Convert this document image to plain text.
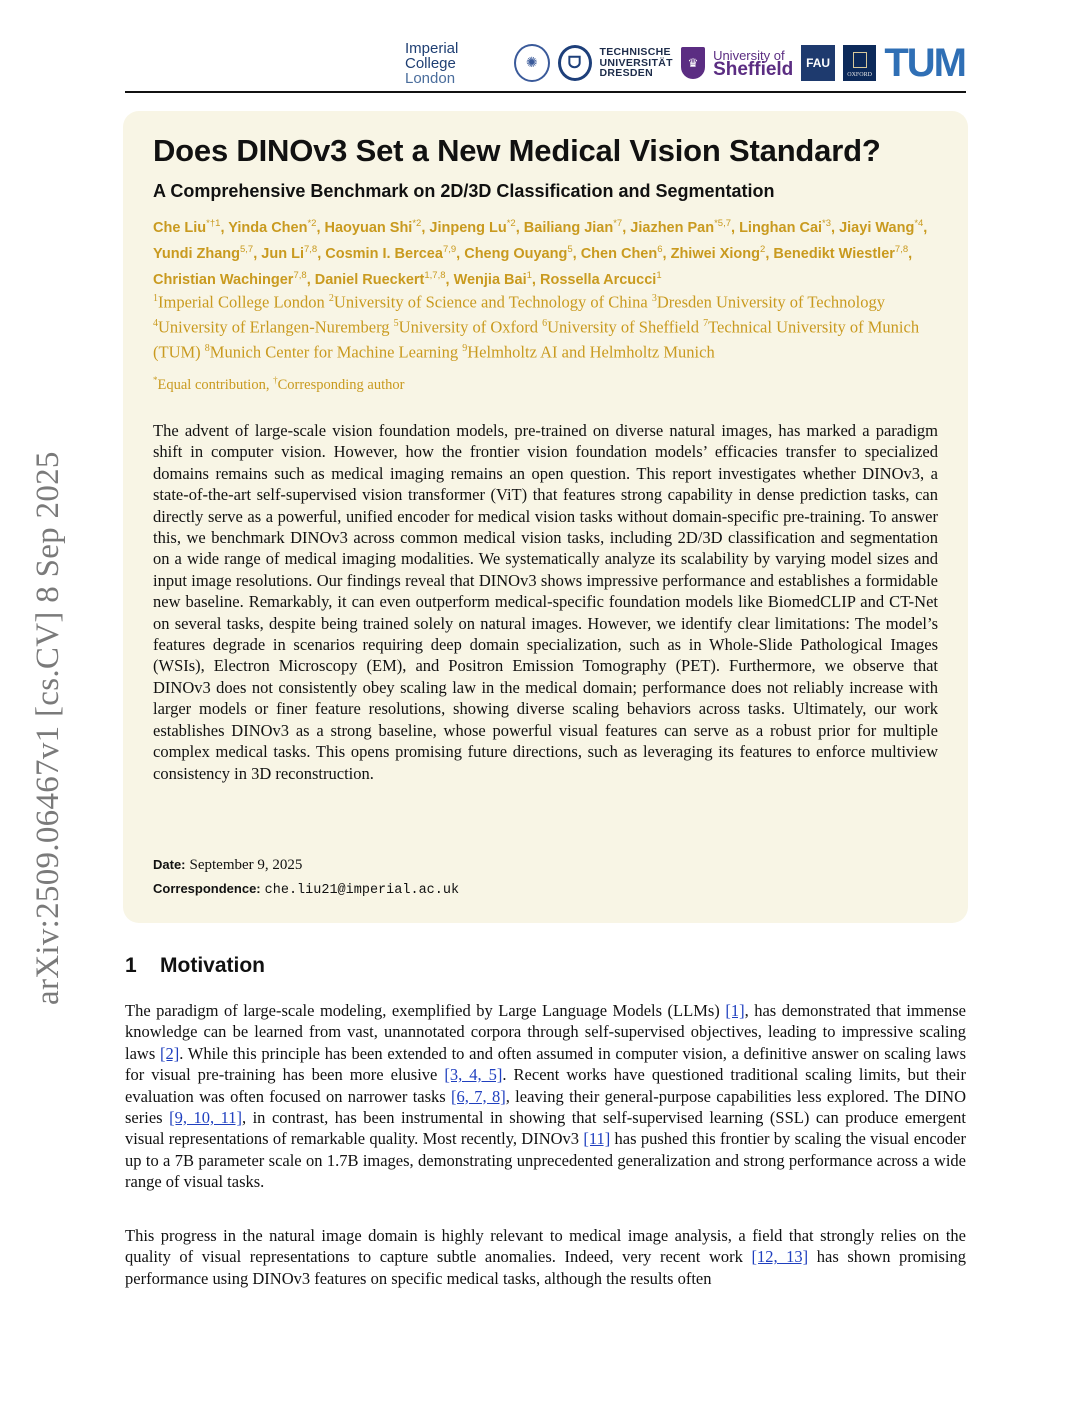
arXiv:2509.06467v1 [cs.CV] 8 Sep 2025
Imperial College
London
✺	ᗜ
TECHNISCHE
UNIVERSITÄT
DRESDEN
♛	University of
Sheffield	FAU
OXFORD TUM
Does DINOv3 Set a New Medical Vision Standard?
A Comprehensive Benchmark on 2D/3D Classification and Segmentation
Che Liu$^{*\dagger 1}$, Yinda Chen$^{*2}$, Haoyuan Shi$^{*2}$, Jinpeng Lu$^{*2}$, Bailiang Jian$^{*7}$, Jiazhen Pan$^{*5,7}$, Linghan Cai$^{*3}$, Jiayi Wang$^{*4}$, Yundi Zhang$^{5,7}$, Jun Li$^{7,8}$, Cosmin I. Bercea$^{7,9}$, Cheng Ouyang$^5$, Chen Chen$^6$, Zhiwei Xiong$^2$, Benedikt Wiestler$^{7,8}$, Christian Wachinger$^{7,8}$, Daniel Rueckert$^{1,7,8}$, Wenjia Bai$^1$, Rossella Arcucci$^1$
$^1$Imperial College London $^2$University of Science and Technology of China $^3$Dresden University of Technology $^4$University of Erlangen-Nuremberg $^5$University of Oxford $^6$University of Sheffield $^7$Technical University of Munich (TUM) $^8$Munich Center for Machine Learning $^9$Helmholtz AI and Helmholtz Munich
*Equal contribution, †Corresponding author
The advent of large-scale vision foundation models, pre-trained on diverse natural images, has marked a paradigm shift in computer vision. However, how the frontier vision foundation models’ efficacies transfer to specialized domains remains such as medical imaging remains an open question. This report investigates whether DINOv3, a state-of-the-art self-supervised vision transformer (ViT) that features strong capability in dense prediction tasks, can directly serve as a powerful, unified encoder for medical vision tasks without domain-specific pre-training. To answer this, we benchmark DINOv3 across common medical vision tasks, including 2D/3D classification and segmentation on a wide range of medical imaging modalities. We systematically analyze its scalability by varying model sizes and input image resolutions. Our findings reveal that DINOv3 shows impressive performance and establishes a formidable new baseline. Remarkably, it can even outperform medical-specific foundation models like BiomedCLIP and CT-Net on several tasks, despite being trained solely on natural images. However, we identify clear limitations: The model’s features degrade in scenarios requiring deep domain specialization, such as in Whole-Slide Pathological Images (WSIs), Electron Microscopy (EM), and Positron Emission Tomography (PET). Furthermore, we observe that DINOv3 does not consistently obey scaling law in the medical domain; performance does not reliably increase with larger models or finer feature resolutions, showing diverse scaling behaviors across tasks. Ultimately, our work establishes DINOv3 as a strong baseline, whose powerful visual features can serve as a robust prior for multiple complex medical tasks. This opens promising future directions, such as leveraging its features to enforce multiview consistency in 3D reconstruction.
Date: September 9, 2025
Correspondence: che.liu21@imperial.ac.uk
1 Motivation
The paradigm of large-scale modeling, exemplified by Large Language Models (LLMs) [1], has demonstrated that immense knowledge can be learned from vast, unannotated corpora through self-supervised objectives, leading to impressive scaling laws [2]. While this principle has been extended to and often assumed in computer vision, a definitive answer on scaling laws for visual pre-training has been more elusive [3, 4, 5]. Recent works have questioned traditional scaling limits, but their evaluation was often focused on narrower tasks [6, 7, 8], leaving their general-purpose capabilities less explored. The DINO series [9, 10, 11], in contrast, has been instrumental in showing that self-supervised learning (SSL) can produce emergent visual representations of remarkable quality. Most recently, DINOv3 [11] has pushed this frontier by scaling the visual encoder up to a 7B parameter scale on 1.7B images, demonstrating unprecedented generalization and strong performance across a wide range of visual tasks.
This progress in the natural image domain is highly relevant to medical image analysis, a field that strongly relies on the quality of visual representations to capture subtle anomalies. Indeed, very recent work [12, 13] has shown promising performance using DINOv3 features on specific medical tasks, although the results often
